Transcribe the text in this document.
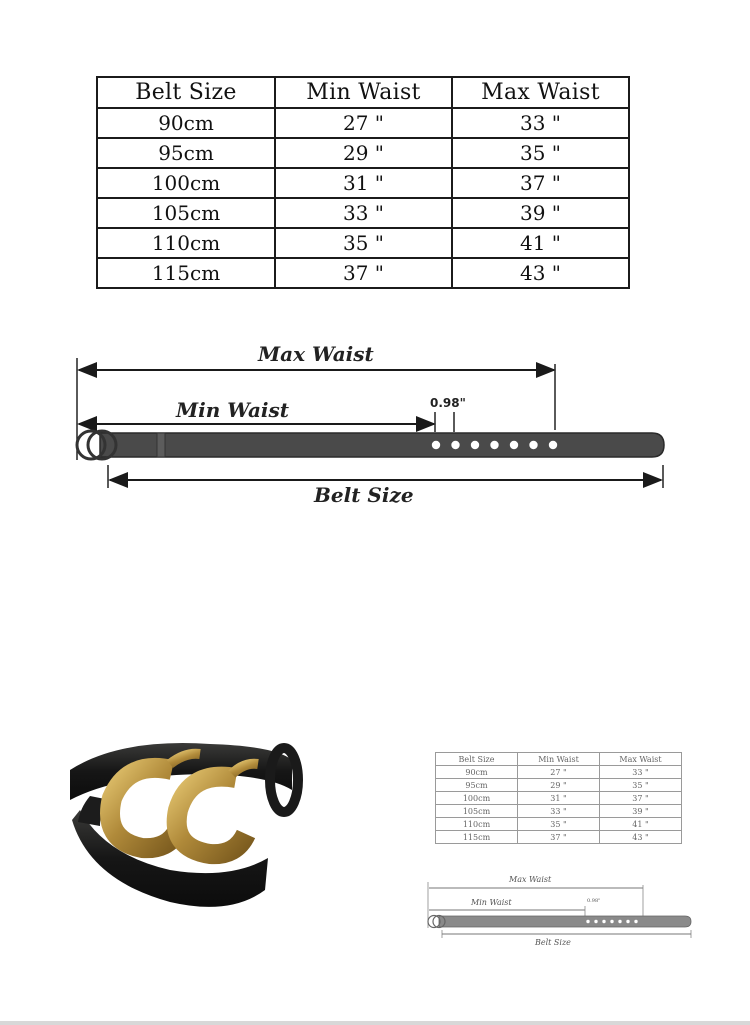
Belt Size	Min Waist	Max Waist
90cm	27 "	33 "
95cm	29 "	35 "
100cm	31 "	37 "
105cm	33 "	39 "
110cm	35 "	41 "
115cm	37 "	43 "
Max Waist
Min Waist
Belt Size
0.98"
Belt Size	Min Waist	Max Waist
90cm	27 "	33 "
95cm	29 "	35 "
100cm	31 "	37 "
105cm	33 "	39 "
110cm	35 "	41 "
115cm	37 "	43 "
Max Waist
Min Waist
Belt Size
0.98"
